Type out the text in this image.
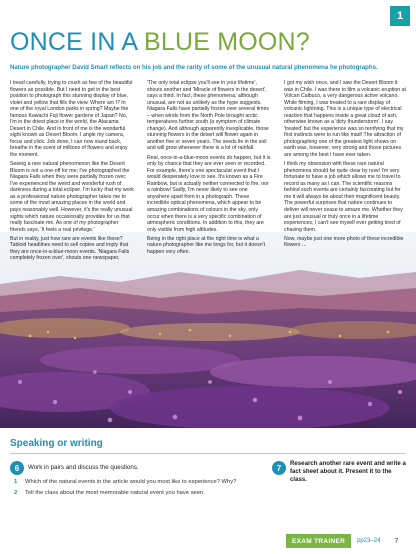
1
ONCE IN A BLUE MOON?
Nature photographer David Smart reflects on his job and the rarity of some of the unusual natural phenomena he photographs.

I tread carefully, trying to crush as few of the beautiful flowers as possible. But I need to get in the best position to photograph this stunning display of blue, violet and yellow that fills the view. Where am I? In one of the royal London parks in spring? Maybe the famous Kawachi Fuji flower gardens of Japan? No, I'm in the driest place in the world, the Atacama Desert in Chile. And in front of me is the wonderful sight known as Desert Bloom. I angle my camera, focus and click. Job done, I can now stand back, breathe in the scent of millions of flowers and enjoy the moment.

Seeing a rare natural phenomenon like the Desert Bloom is not a one-off for me; I've photographed the Niagara Falls when they were partially frozen over; I've experienced the weird and wonderful rush of darkness during a total eclipse. I'm lucky that my work as a professional nature photographer takes me to some of the most amazing places in the world and pays reasonably well. However, it's the really unusual sights which nature occasionally provides for us that really fascinate me. As one of my photographer friends says, 'It feels a real privilege.'

But in reality, just how rare are events like these? Tabloid headlines need to sell copies and imply that they are once-in-a-blue-moon events. 'Niagara Falls completely frozen over', shouts one newspaper,

'The only total eclipse you'll see in your lifetime', shouts another and 'Miracle of flowers in the desert', says a third. In fact, these phenomena, although unusual, are not as unlikely as the hype suggests. Niagara Falls have partially frozen over several times – when winds from the North Pole brought arctic temperatures further south (a symptom of climate change). And although apparently inexplicable, those stunning flowers in the desert will flower again in another five or seven years. The seeds lie in the soil and will grow whenever there is a lot of rainfall.

Real, once-in-a-blue-moon events do happen, but it is only by chance that they are ever seen or recorded. For example, there's one spectacular event that I would desperately love to see. It's known as a Fire Rainbow, but is actually neither connected to fire, nor a rainbow! Sadly, I'm never likely to see one anywhere apart from in a photograph. These incredible optical phenomena, which appear to be amazing combinations of colours in the sky, only occur when there is a very specific combination of atmospheric conditions. In addition to this, they are only visible from high altitudes.

Being in the right place at the right time is what a nature photographer like me longs for, but it doesn't happen very often.

I got my wish once, and I saw the Desert Bloom it was in Chile. I was there to film a volcanic eruption at Volcan Calbuco, a very dangerous active volcano. While filming, I was treated to a rare display of volcanic lightning. This is a unique type of electrical reaction that happens inside a great cloud of ash, otherwise known as a 'dirty thunderstorm'. I say 'treated' but the experience was so terrifying that my first instincts were to run like mad! The attraction of photographing one of the greatest light shows on earth was, however, very strong and those pictures are among the best I have ever taken.

I think my obsession with these rare natural phenomena should be quite clear by now! I'm very fortunate to have a job which allows me to travel to record as many as I can. The scientific reasons behind such events are certainly fascinating but for me it will always be about their magnificent beauty. The powerful surprises that nature continues to deliver will never cease to amaze me. Whether they are just unusual or truly once in a lifetime experiences, I can't see myself ever getting tired of chasing them.

Now, maybe just one more photo of these incredible flowers ...

Speaking or writing
6	Work in pairs and discuss the questions.
1 Which of the natural events in the article would you most like to experience? Why?
2 Tell the class about the most memorable natural event you have seen.
7	Research another rare event and write a fact sheet about it. Present it to the class.
EXAM TRAINER	pp23–24 7
